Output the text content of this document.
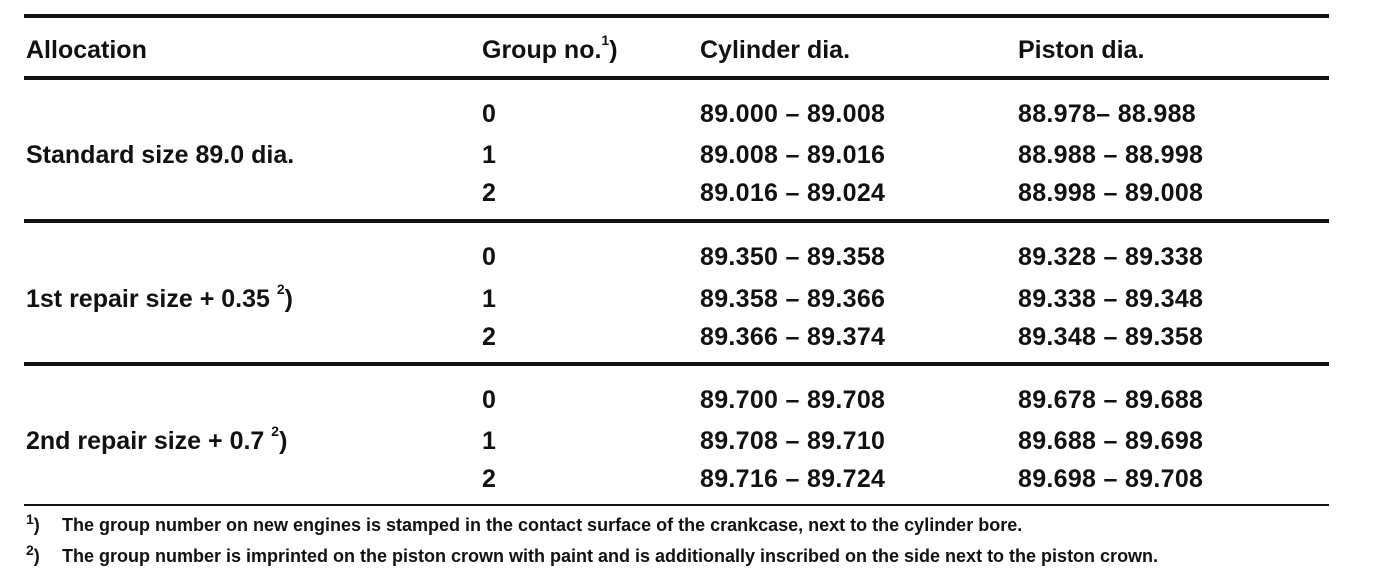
Allocation	Group no.$^1$)	Cylinder dia.	Piston dia.
Standard size 89.0 dia.
0	89.000 – 89.008	88.978– 88.988
1	89.008 – 89.016	88.988 – 88.998
2	89.016 – 89.024	88.998 – 89.008
1st repair size + 0.35 $^2$)
0	89.350 – 89.358	89.328 – 89.338
1	89.358 – 89.366	89.338 – 89.348
2	89.366 – 89.374	89.348 – 89.358
2nd repair size + 0.7 $^2$)
0	89.700 – 89.708	89.678 – 89.688
1	89.708 – 89.710	89.688 – 89.698
2	89.716 – 89.724	89.698 – 89.708
$^1$) The group number on new engines is stamped in the contact surface of the crankcase, next to the cylinder bore.
$^2$) The group number is imprinted on the piston crown with paint and is additionally inscribed on the side next to the piston crown.
